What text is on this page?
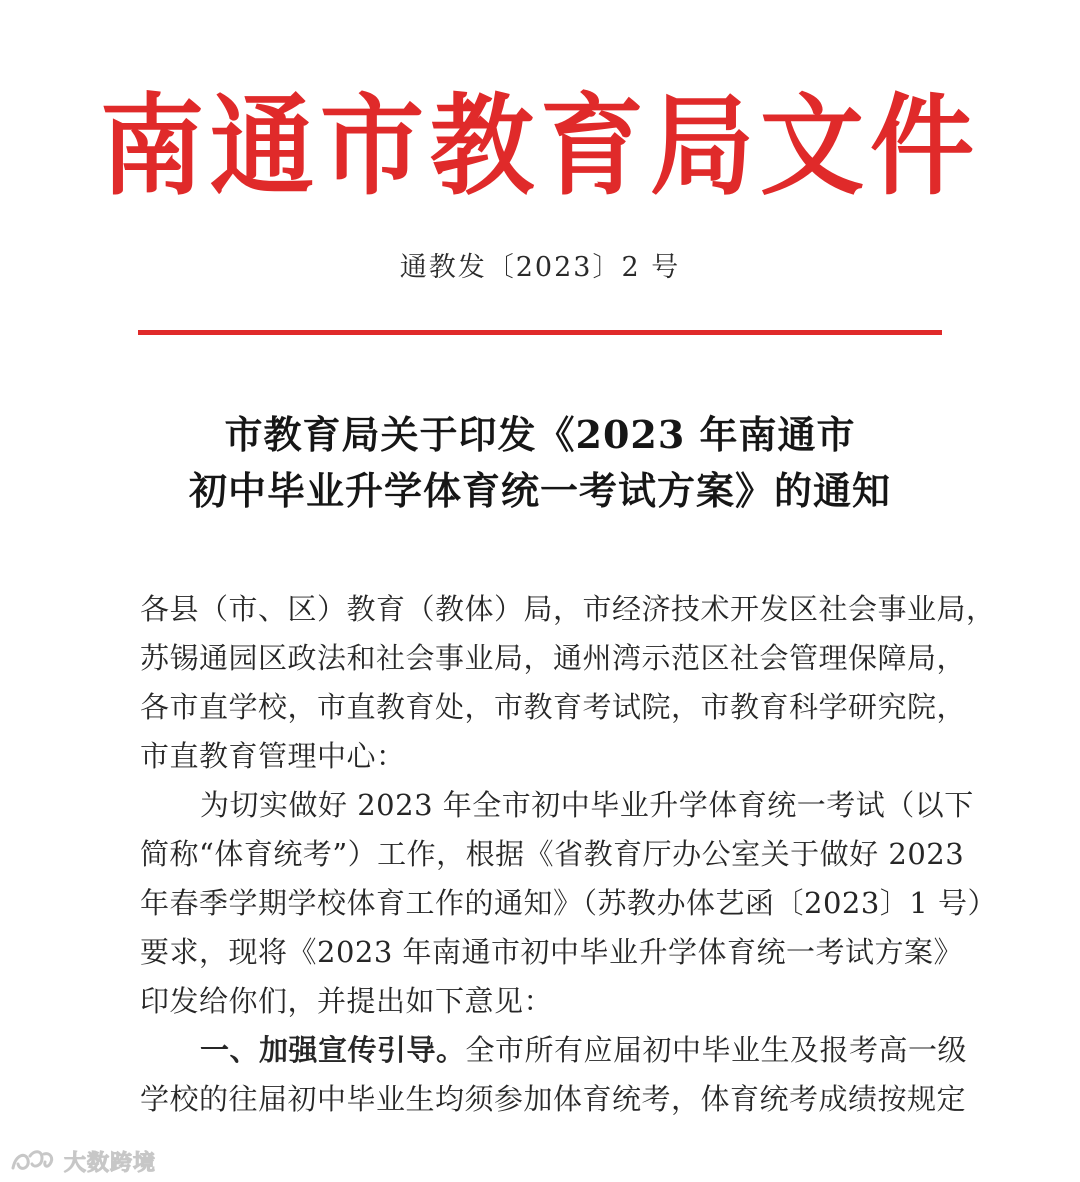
南通市教育局文件
通教发〔2023〕2 号
市教育局关于印发《2023 年南通市
初中毕业升学体育统一考试方案》的通知
各县（市、区）教育（教体）局，市经济技术开发区社会事业局，
苏锡通园区政法和社会事业局，通州湾示范区社会管理保障局，
各市直学校，市直教育处，市教育考试院，市教育科学研究院，
市直教育管理中心：
为切实做好 2023 年全市初中毕业升学体育统一考试（以下
简称“体育统考”）工作，根据《省教育厅办公室关于做好 2023
年春季学期学校体育工作的通知》（苏教办体艺函〔2023〕1 号）
要求，现将《2023 年南通市初中毕业升学体育统一考试方案》
印发给你们，并提出如下意见：
一、加强宣传引导。全市所有应届初中毕业生及报考高一级
学校的往届初中毕业生均须参加体育统考，体育统考成绩按规定
大数跨境
